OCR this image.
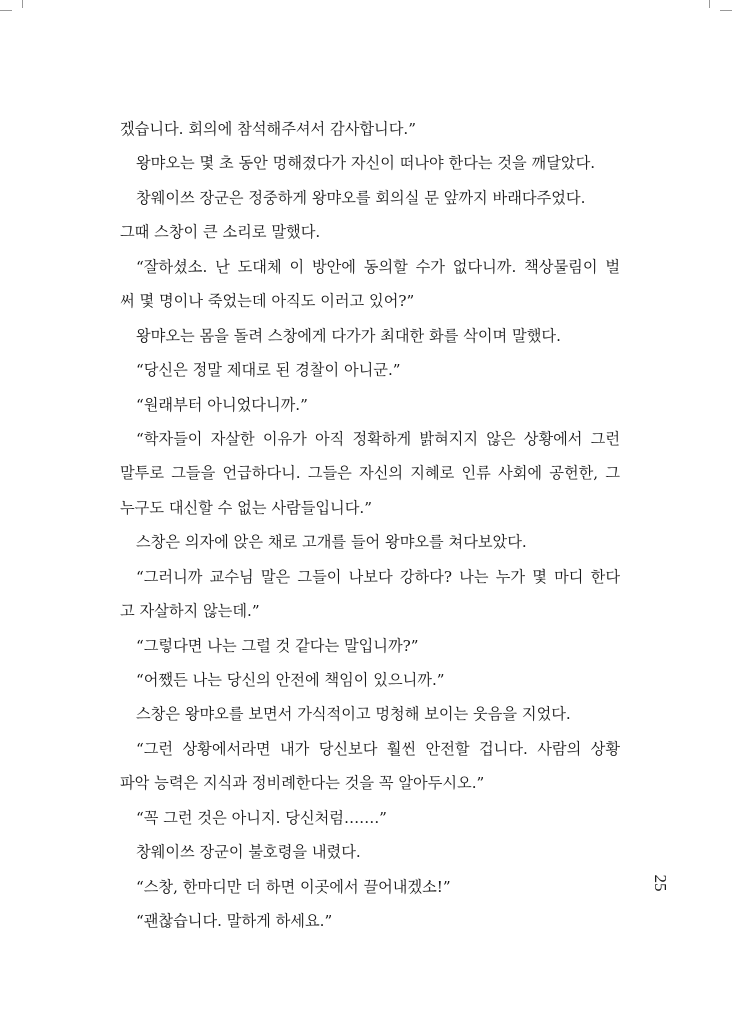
겠습니다. 회의에 참석해주셔서 감사합니다.”
왕먀오는 몇 초 동안 멍해졌다가 자신이 떠나야 한다는 것을 깨달았다.
창웨이쓰 장군은 정중하게 왕먀오를 회의실 문 앞까지 바래다주었다.
그때 스창이 큰 소리로 말했다.
“잘하셨소. 난 도대체 이 방안에 동의할 수가 없다니까. 책상물림이 벌
써 몇 명이나 죽었는데 아직도 이러고 있어?”
왕먀오는 몸을 돌려 스창에게 다가가 최대한 화를 삭이며 말했다.
“당신은 정말 제대로 된 경찰이 아니군.”
“원래부터 아니었다니까.”
“학자들이 자살한 이유가 아직 정확하게 밝혀지지 않은 상황에서 그런
말투로 그들을 언급하다니. 그들은 자신의 지혜로 인류 사회에 공헌한, 그
누구도 대신할 수 없는 사람들입니다.”
스창은 의자에 앉은 채로 고개를 들어 왕먀오를 쳐다보았다.
“그러니까 교수님 말은 그들이 나보다 강하다? 나는 누가 몇 마디 한다
고 자살하지 않는데.”
“그렇다면 나는 그럴 것 같다는 말입니까?”
“어쨌든 나는 당신의 안전에 책임이 있으니까.”
스창은 왕먀오를 보면서 가식적이고 멍청해 보이는 웃음을 지었다.
“그런 상황에서라면 내가 당신보다 훨씬 안전할 겁니다. 사람의 상황
파악 능력은 지식과 정비례한다는 것을 꼭 알아두시오.”
“꼭 그런 것은 아니지. 당신처럼…….”
창웨이쓰 장군이 불호령을 내렸다.
“스창, 한마디만 더 하면 이곳에서 끌어내겠소!”
“괜찮습니다. 말하게 하세요.”
25
